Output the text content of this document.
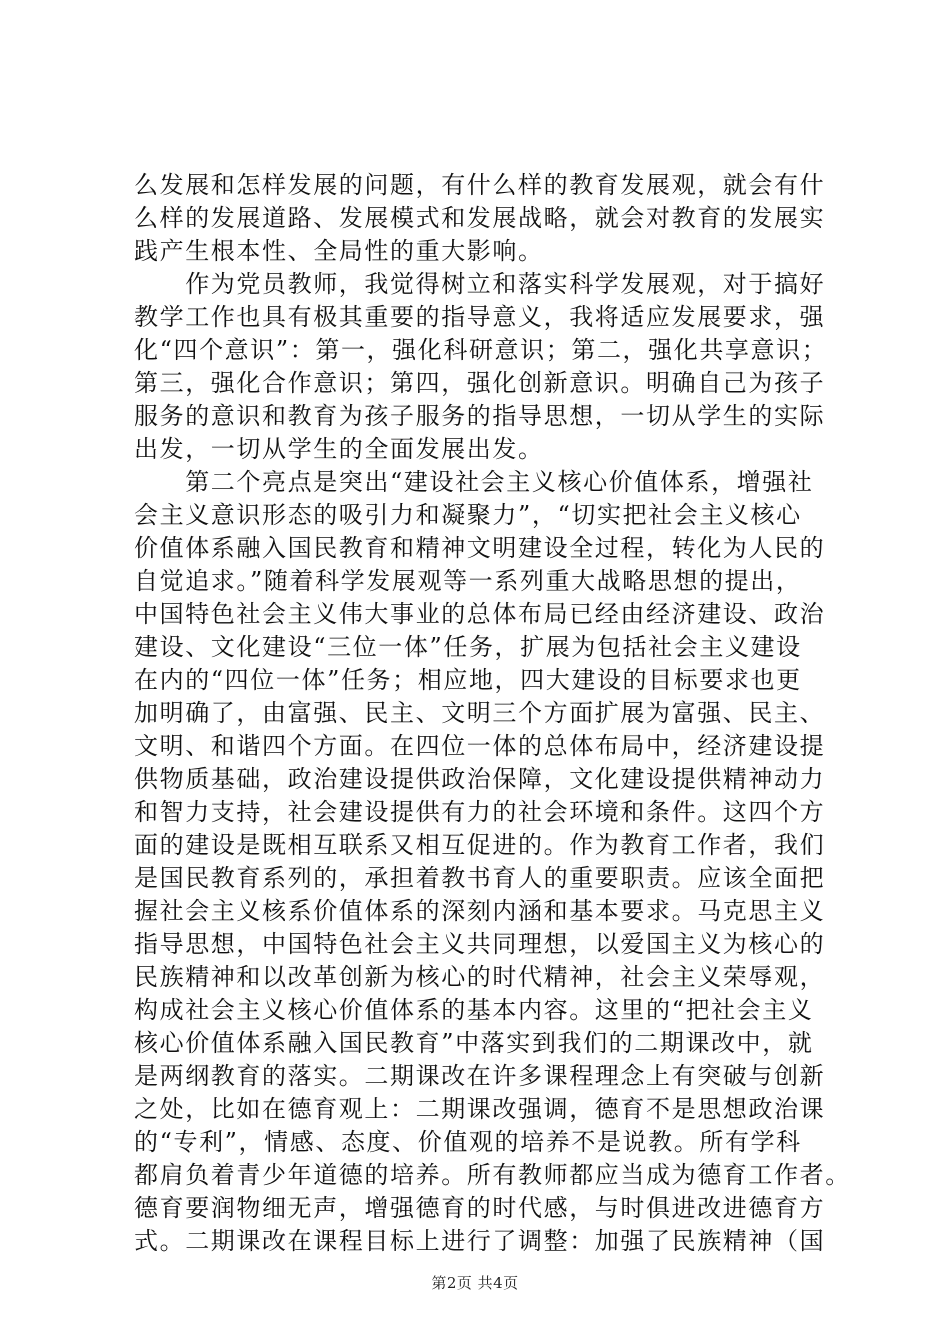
么发展和怎样发展的问题，有什么样的教育发展观，就会有什
么样的发展道路、发展模式和发展战略，就会对教育的发展实
践产生根本性、全局性的重大影响。
　　作为党员教师，我觉得树立和落实科学发展观，对于搞好
教学工作也具有极其重要的指导意义，我将适应发展要求，强
化“四个意识”：第一，强化科研意识；第二，强化共享意识；
第三，强化合作意识；第四，强化创新意识。明确自己为孩子
服务的意识和教育为孩子服务的指导思想，一切从学生的实际
出发，一切从学生的全面发展出发。
　　第二个亮点是突出“建设社会主义核心价值体系，增强社
会主义意识形态的吸引力和凝聚力”，“切实把社会主义核心
价值体系融入国民教育和精神文明建设全过程，转化为人民的
自觉追求。”随着科学发展观等一系列重大战略思想的提出，
中国特色社会主义伟大事业的总体布局已经由经济建设、政治
建设、文化建设“三位一体”任务，扩展为包括社会主义建设
在内的“四位一体”任务；相应地，四大建设的目标要求也更
加明确了，由富强、民主、文明三个方面扩展为富强、民主、
文明、和谐四个方面。在四位一体的总体布局中，经济建设提
供物质基础，政治建设提供政治保障，文化建设提供精神动力
和智力支持，社会建设提供有力的社会环境和条件。这四个方
面的建设是既相互联系又相互促进的。作为教育工作者，我们
是国民教育系列的，承担着教书育人的重要职责。应该全面把
握社会主义核系价值体系的深刻内涵和基本要求。马克思主义
指导思想，中国特色社会主义共同理想，以爱国主义为核心的
民族精神和以改革创新为核心的时代精神，社会主义荣辱观，
构成社会主义核心价值体系的基本内容。这里的“把社会主义
核心价值体系融入国民教育”中落实到我们的二期课改中，就
是两纲教育的落实。二期课改在许多课程理念上有突破与创新
之处，比如在德育观上：二期课改强调，德育不是思想政治课
的“专利”，情感、态度、价值观的培养不是说教。所有学科
都肩负着青少年道德的培养。所有教师都应当成为德育工作者。
德育要润物细无声，增强德育的时代感，与时俱进改进德育方
式。二期课改在课程目标上进行了调整：加强了民族精神（国
第2页 共4页
